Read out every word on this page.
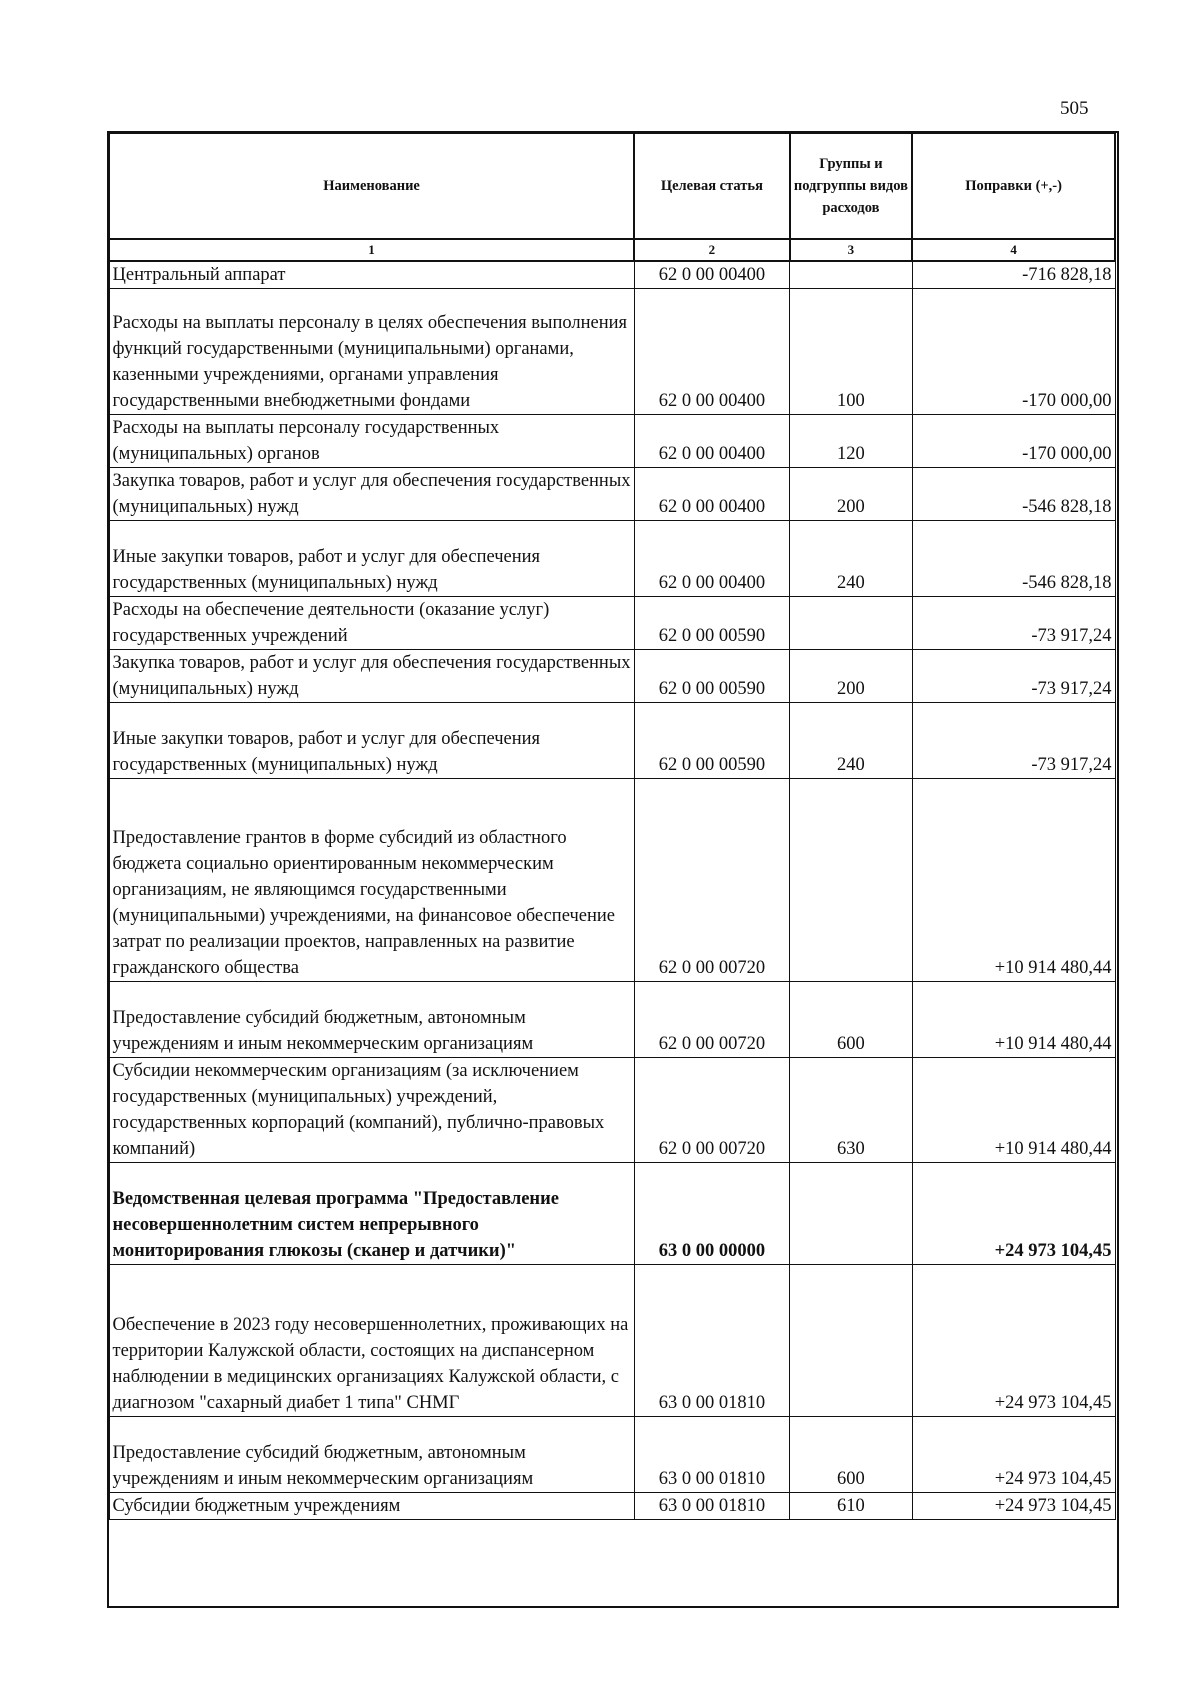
505
Наименование	Целевая статья	Группы и подгруппы видов расходов	Поправки (+,-)
1	2	3	4
Центральный аппарат	62 0 00 00400		-716 828,18
Расходы на выплаты персоналу в целях обеспечения выполнения функций государственными (муниципальными) органами, казенными учреждениями, органами управления государственными внебюджетными фондами	62 0 00 00400	100	-170 000,00
Расходы на выплаты персоналу государственных (муниципальных) органов	62 0 00 00400	120	-170 000,00
Закупка товаров, работ и услуг для обеспечения государственных (муниципальных) нужд	62 0 00 00400	200	-546 828,18
Иные закупки товаров, работ и услуг для обеспечения государственных (муниципальных) нужд	62 0 00 00400	240	-546 828,18
Расходы на обеспечение деятельности (оказание услуг) государственных учреждений	62 0 00 00590		-73 917,24
Закупка товаров, работ и услуг для обеспечения государственных (муниципальных) нужд	62 0 00 00590	200	-73 917,24
Иные закупки товаров, работ и услуг для обеспечения государственных (муниципальных) нужд	62 0 00 00590	240	-73 917,24
Предоставление грантов в форме субсидий из областного бюджета социально ориентированным некоммерческим организациям, не являющимся государственными (муниципальными) учреждениями, на финансовое обеспечение затрат по реализации проектов, направленных на развитие гражданского общества	62 0 00 00720		+10 914 480,44
Предоставление субсидий бюджетным, автономным учреждениям и иным некоммерческим организациям	62 0 00 00720	600	+10 914 480,44
Субсидии некоммерческим организациям (за исключением государственных (муниципальных) учреждений, государственных корпораций (компаний), публично-правовых компаний)	62 0 00 00720	630	+10 914 480,44
Ведомственная целевая программа "Предоставление несовершеннолетним систем непрерывного мониторирования глюкозы (сканер и датчики)"	63 0 00 00000		+24 973 104,45
Обеспечение в 2023 году несовершеннолетних, проживающих на территории Калужской области, состоящих на диспансерном наблюдении в медицинских организациях Калужской области, с диагнозом "сахарный диабет 1 типа" СНМГ	63 0 00 01810		+24 973 104,45
Предоставление субсидий бюджетным, автономным учреждениям и иным некоммерческим организациям	63 0 00 01810	600	+24 973 104,45
Субсидии бюджетным учреждениям	63 0 00 01810	610	+24 973 104,45
